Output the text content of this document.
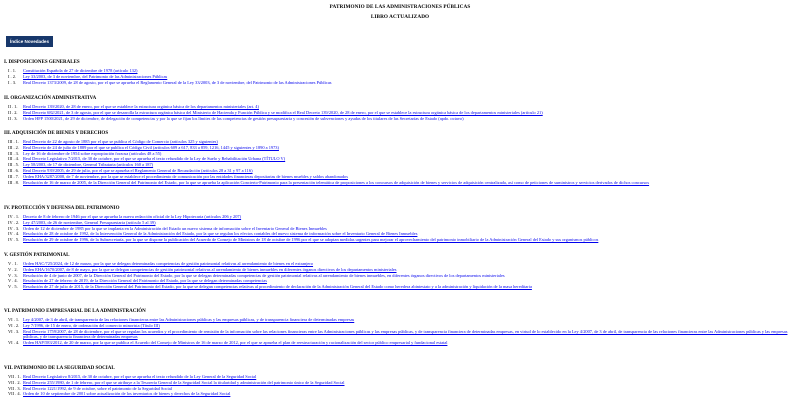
PATRIMONIO DE LAS ADMINISTRACIONES PÚBLICAS
LIBRO ACTUALIZADO
Índice Novedades
I. DISPOSICIONES GENERALES
I . 1.	Constitución Española de 27 de diciembre de 1978 (artículo 132)
I . 2.	Ley 33/2003, de 3 de noviembre, del Patrimonio de las Administraciones Públicas
I . 3.	Real Decreto 1373/2009, de 28 de agosto, por el que se aprueba el Reglamento General de la Ley 33/2003, de 3 de noviembre, del Patrimonio de las Administraciones Públicas
II. ORGANIZACIÓN ADMINISTRATIVA
II . 1.	Real Decreto 139/2020, de 28 de enero, por el que se establece la estructura orgánica básica de los departamentos ministeriales (art. 4)
II . 2.	Real Decreto 682/2021, de 3 de agosto, por el que se desarrolla la estructura orgánica básica del Ministerio de Hacienda y Función Pública y se modifica el Real Decreto 139/2020, de 28 de enero, por el que se establece la estructura orgánica básica de los departamentos ministeriales (artículo 21)
II . 3.	Orden HFP 1500/2021, de 29 de diciembre, de delegación de competencias y por la que se fijan los límites de las competencias de gestión presupuestaria y concesión de subvenciones y ayudas de los titulares de las Secretarías de Estado (apdo. octavo)
III. ADQUISICIÓN DE BIENES Y DERECHOS
III . 1. Real Decreto de 22 de agosto de 1885 por el que se publica el Código de Comercio (artículos 325 y siguientes)
III . 2. Real Decreto de 24 de julio de 1889 por el que se publica el Código Civil (artículos 609 a 617, 833 a 859, 1216, 1445 y siguientes y 1890 a 1973)
III . 3. Ley de 16 de diciembre de 1954 sobre expropiación forzosa (artículos 48 a 55)
III . 4. Real Decreto Legislativo 7/2015, de 30 de octubre, por el que se aprueba el texto refundido de la Ley de Suelo y Rehabilitación Urbana (TÍTULO V)
III . 5. Ley 58/2003, de 17 de diciembre, General Tributaria (artículos 160 a 187)
III . 6. Real Decreto 939/2005, de 29 de julio, por el que se aprueba el Reglamento General de Recaudación (artículos 28 a 31 y 97 a 116)
III . 7. Orden EHA/3287/2008, de 7 de noviembre, por la que se establece el procedimiento de comunicación por las entidades financieras depositarias de bienes muebles y saldos abandonados
III . 8. Resolución de 16 de marzo de 2005, de la Dirección General del Patrimonio del Estado, por la que se aprueba la aplicación Concierto-Patrimonio para la presentación telemática de proposiciones a los concursos de adquisición de bienes y servicios de adquisición centralizada, así como de peticiones de suministros y servicios derivados de dichos concursos
IV. PROTECCIÓN Y DEFENSA DEL PATRIMONIO
IV . 1. Decreto de 8 de febrero de 1946 por el que se aprueba la nueva redacción oficial de la Ley Hipotecaria (artículos 206 y 207)
IV . 2. Ley 47/2003, de 26 de noviembre, General Presupuestaria (artículo 5 al 39)
IV . 3. Orden de 12 de diciembre de 1985 por la que se implanta en la Administración del Estado un nuevo sistema de información sobre el Inventario General de Bienes Inmuebles
IV . 4. Resolución de 28 de octubre de 1992, de la Intervención General de la Administración del Estado, por la que se regulan los efectos contables del nuevo sistema de información sobre el Inventario General de Bienes Inmuebles
IV . 5. Resolución de 29 de octubre de 1996, de la Subsecretaría, por la que se dispone la publicación del Acuerdo de Consejo de Ministros de 18 de octubre de 1996 por el que se adoptan medidas urgentes para mejorar el aprovechamiento del patrimonio inmobiliario de la Administración General del Estado y sus organismos públicos
V. GESTIÓN PATRIMONIAL
V . 1.	Orden HAC/725/2024, de 12 de marzo, por la que se delegan determinadas competencias de gestión patrimonial relativas al arrendamiento de bienes en el extranjero
V . 2.	Orden EHA/1670/2007, de 8 de mayo, por la que se delegan competencias de gestión patrimonial relativas al arrendamiento de bienes inmuebles en diferentes órganos directivos de los departamentos ministeriales
V . 3.	Resolución de 4 de junio de 2007, de la Dirección General del Patrimonio del Estado, por la que se delegan determinadas competencias de gestión patrimonial relativas al arrendamiento de bienes inmuebles, en diferentes órganos directivos de los departamentos ministeriales
V . 4.	Resolución de 27 de febrero de 2019, de la Dirección General del Patrimonio del Estado, por la que se delegan determinadas competencias
V . 5.	Resolución de 27 de julio de 2015, de la Dirección General del Patrimonio del Estado, por la que se delegan competencias relativas al procedimiento de declaración de la Administración General del Estado como heredera abintestato y a la administración y liquidación de la masa hereditaria
VI. PATRIMONIO EMPRESARIAL DE LA ADMINISTRACIÓN
VI . 1. Ley 4/2007, de 3 de abril, de transparencia de las relaciones financieras entre las Administraciones públicas y las empresas públicas, y de transparencia financiera de determinadas empresas
VI . 2. Ley 7/1996, de 15 de enero, de ordenación del comercio minorista (Título III)
VI . 3. Real Decreto 1759/2007, de 28 de diciembre, por el que se regulan los acuerdos y el procedimiento de remisión de la información sobre las relaciones financieras entre las Administraciones públicas y las empresas públicas, y de transparencia financiera de determinadas empresas, en virtud de lo establecido en la Ley 4/2007, de 3 de abril, de transparencia de las relaciones financieras entre las Administraciones públicas y las empresas públicas, y de transparencia financiera de determinadas empresas
VI . 4. Orden HAP/583/2012, de 20 de marzo, por la que se publica el Acuerdo del Consejo de Ministros de 16 de marzo de 2012, por el que se aprueba el plan de reestructuración y racionalización del sector público empresarial y fundacional estatal
VII. PATRIMONIO DE LA SEGURIDAD SOCIAL
VII . 1. Real Decreto Legislativo 8/2015, de 30 de octubre, por el que se aprueba el texto refundido de la Ley General de la Seguridad Social
VII . 2. Real Decreto 255/1980, de 1 de febrero, por el que se atribuye a la Tesorería General de la Seguridad Social la titularidad y administración del patrimonio único de la Seguridad Social
VII . 3. Real Decreto 1221/1992, de 9 de octubre, sobre el patrimonio de la Seguridad Social
VII . 4. Orden de 10 de septiembre de 2001 sobre actualización de los inventarios de bienes y derechos de la Seguridad Social
